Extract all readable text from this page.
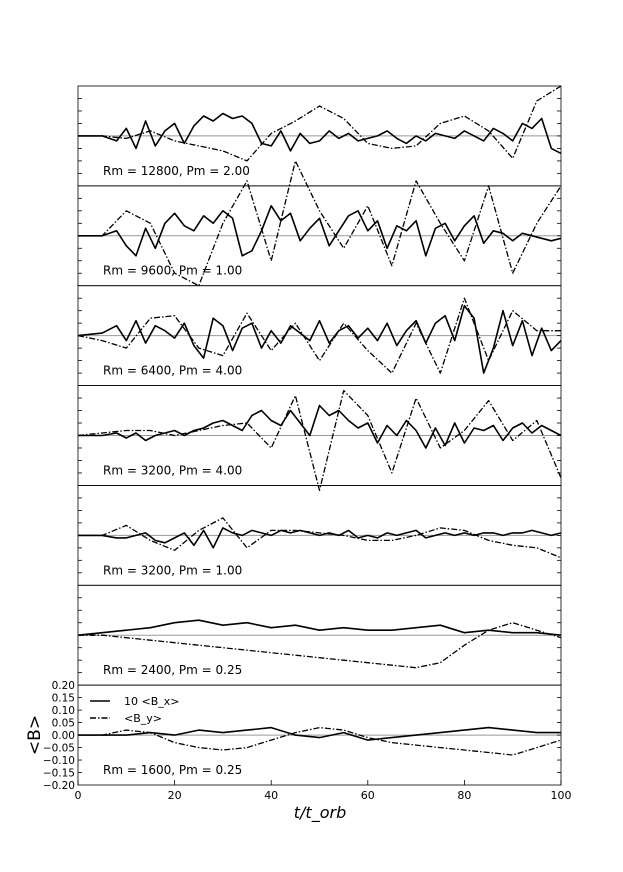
Rm = 12800, Pm = 2.00
Rm = 9600, Pm = 1.00
Rm = 6400, Pm = 4.00
Rm = 3200, Pm = 4.00
Rm = 3200, Pm = 1.00
Rm = 2400, Pm = 0.25
Rm = 1600, Pm = 0.25
0	20	40	60	80	100
0.20
0.15
0.10
0.05
0.00
−0.05
−0.10
−0.15
−0.20
10 <B_x>
<B_y>
<B>
t/t_orb
